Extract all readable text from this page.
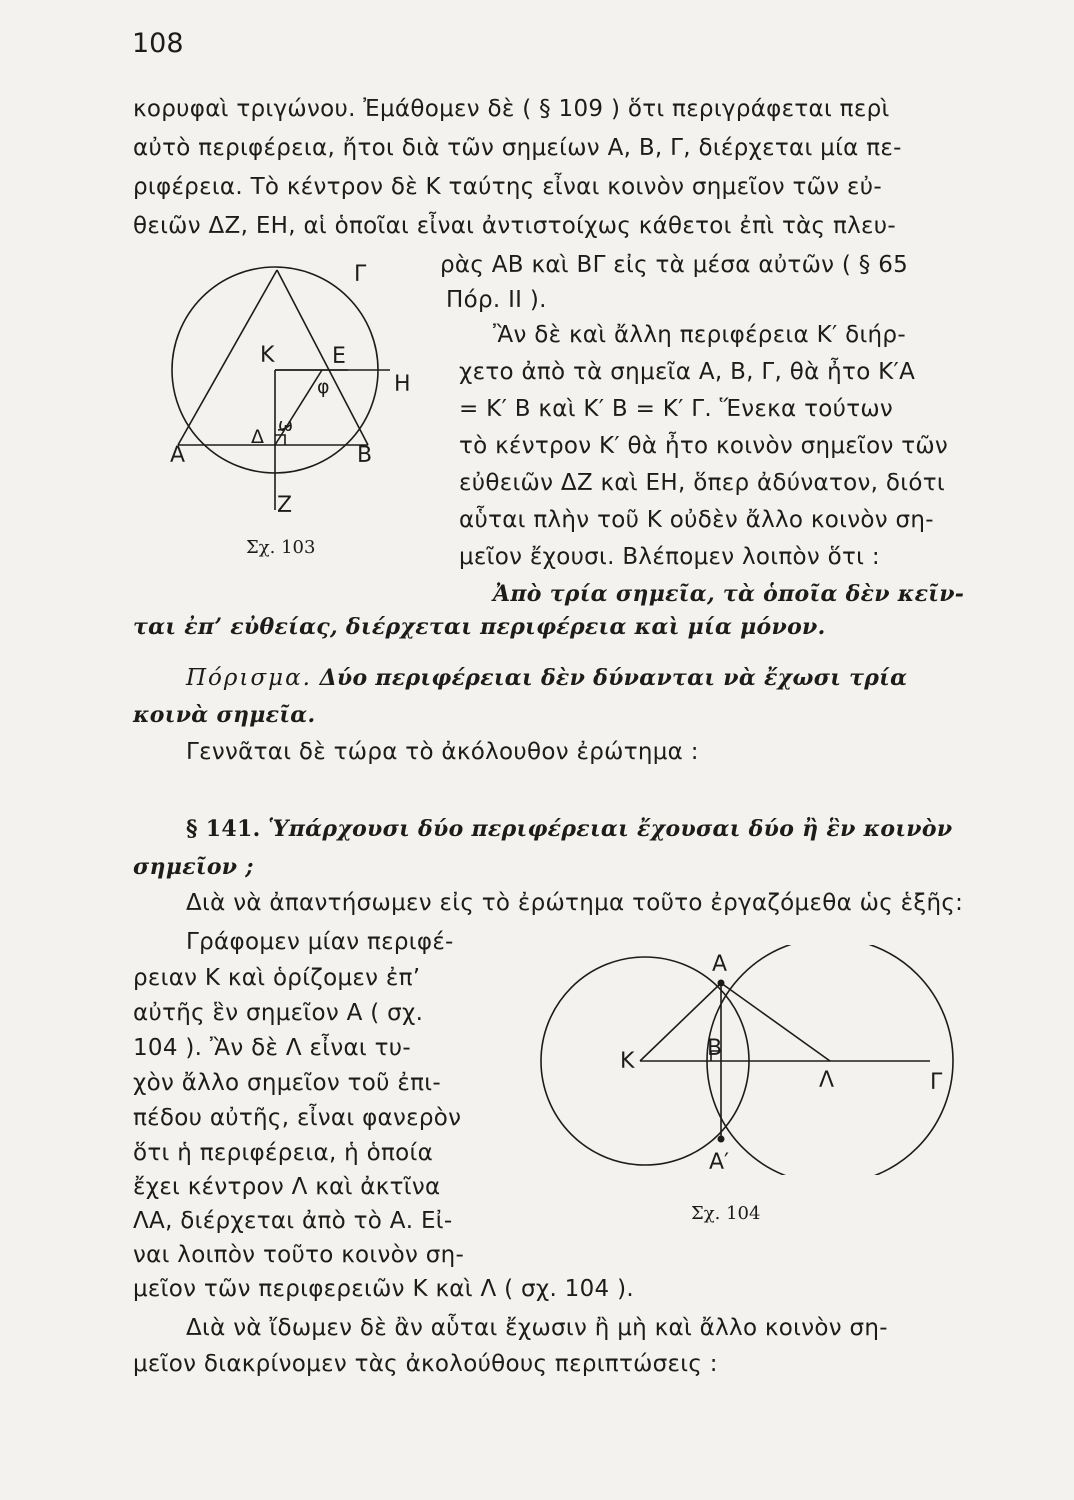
108
κορυφαὶ τριγώνου. Ἐμάθομεν δὲ ( § 109 ) ὅτι περιγράφεται περὶ
αὐτὸ περιφέρεια, ἤτοι διὰ τῶν σημείων Α, Β, Γ, διέρχεται μία πε-
ριφέρεια. Τὸ κέντρον δὲ Κ ταύτης εἶναι κοινὸν σημεῖον τῶν εὐ-
θειῶν ΔΖ, ΕΗ, αἱ ὁποῖαι εἶναι ἀντιστοίχως κάθετοι ἐπὶ τὰς πλευ-
ρὰς ΑΒ καὶ ΒΓ εἰς τὰ μέσα αὐτῶν ( § 65
Πόρ. ΙΙ ).
Ἂν δὲ καὶ ἄλλη περιφέρεια Κ′ διήρ-
χετο ἀπὸ τὰ σημεῖα Α, Β, Γ, θὰ ἦτο Κ′Α
= Κ′ Β καὶ Κ′ Β = Κ′ Γ. Ἕνεκα τούτων
τὸ κέντρον Κ′ θὰ ἦτο κοινὸν σημεῖον τῶν
εὐθειῶν ΔΖ καὶ ΕΗ, ὅπερ ἀδύνατον, διότι
αὗται πλὴν τοῦ Κ οὐδὲν ἄλλο κοινὸν ση-
μεῖον ἔχουσι. Βλέπομεν λοιπὸν ὅτι :
Ἀπὸ τρία σημεῖα, τὰ ὁποῖα δὲν κεῖν-
ται ἐπ’ εὐθείας, διέρχεται περιφέρεια καὶ μία μόνον.
Πόρισμα. Δύο περιφέρειαι δὲν δύνανται νὰ ἔχωσι τρία
κοινὰ σημεῖα.
Γεννᾶται δὲ τώρα τὸ ἀκόλουθον ἐρώτημα :
§ 141. Ὑπάρχουσι δύο περιφέρειαι ἔχουσαι δύο ἢ ἓν κοινὸν
σημεῖον ;
Διὰ νὰ ἀπαντήσωμεν εἰς τὸ ἐρώτημα τοῦτο ἐργαζόμεθα ὡς ἑξῆς:
Γράφομεν μίαν περιφέ-
ρειαν Κ καὶ ὁρίζομεν ἐπ’
αὐτῆς ἓν σημεῖον Α ( σχ.
104 ). Ἂν δὲ Λ εἶναι τυ-
χὸν ἄλλο σημεῖον τοῦ ἐπι-
πέδου αὐτῆς, εἶναι φανερὸν
ὅτι ἡ περιφέρεια, ἡ ὁποία
ἔχει κέντρον Λ καὶ ἀκτῖνα
ΛΑ, διέρχεται ἀπὸ τὸ Α. Εἰ-
ναι λοιπὸν τοῦτο κοινὸν ση-
μεῖον τῶν περιφερειῶν Κ καὶ Λ ( σχ. 104 ).
Διὰ νὰ ἴδωμεν δὲ ἂν αὗται ἔχωσιν ἢ μὴ καὶ ἄλλο κοινὸν ση-
μεῖον διακρίνομεν τὰς ἀκολούθους περιπτώσεις :
Γ
Κ	Ε
φ	Η
ω
Δ
Α	Β
Ζ
Σχ. 103
Α
Β
Κ
Λ	Γ
Α′
Σχ. 104
